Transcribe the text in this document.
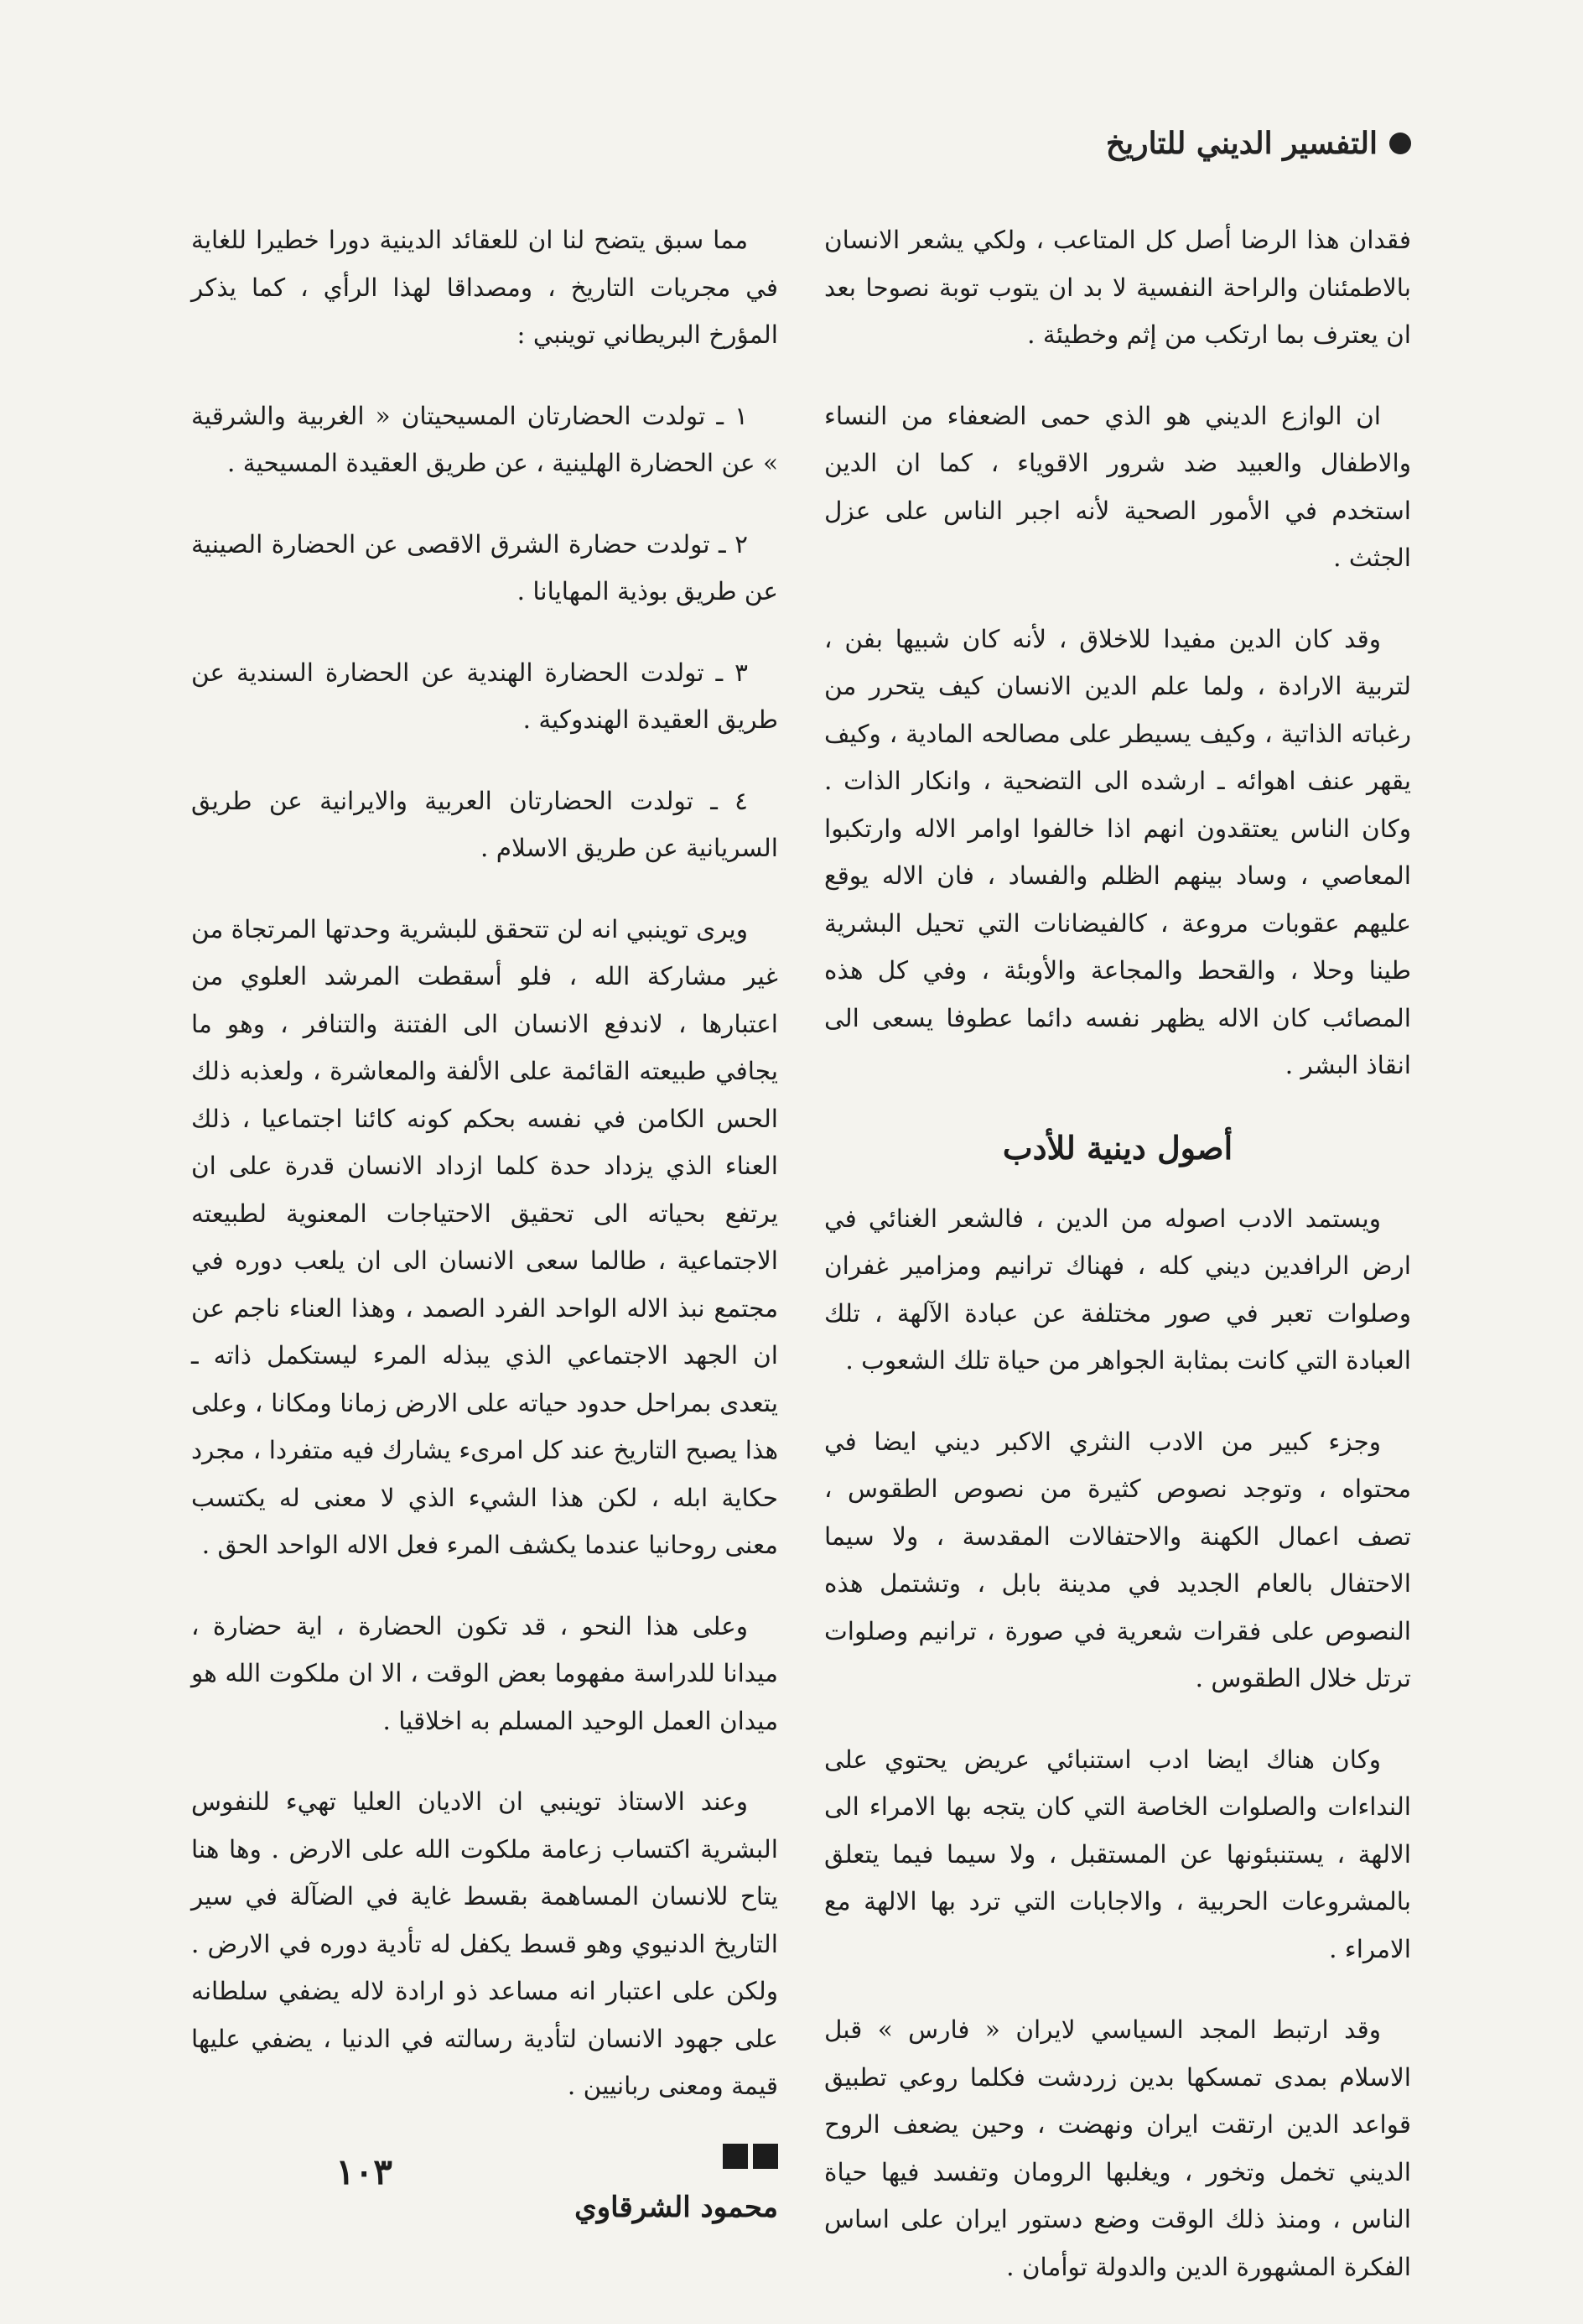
التفسير الديني للتاريخ

فقدان هذا الرضا أصل كل المتاعب ، ولكي يشعر الانسان بالاطمئنان والراحة النفسية لا بد ان يتوب توبة نصوحا بعد ان يعترف بما ارتكب من إثم وخطيئة .

ان الوازع الديني هو الذي حمى الضعفاء من النساء والاطفال والعبيد ضد شرور الاقوياء ، كما ان الدين استخدم في الأمور الصحية لأنه اجبر الناس على عزل الجثث .

وقد كان الدين مفيدا للاخلاق ، لأنه كان شبيها بفن ، لتربية الارادة ، ولما علم الدين الانسان كيف يتحرر من رغباته الذاتية ، وكيف يسيطر على مصالحه المادية ، وكيف يقهر عنف اهوائه ـ ارشده الى التضحية ، وانكار الذات . وكان الناس يعتقدون انهم اذا خالفوا اوامر الاله وارتكبوا المعاصي ، وساد بينهم الظلم والفساد ، فان الاله يوقع عليهم عقوبات مروعة ، كالفيضانات التي تحيل البشرية طينا وحلا ، والقحط والمجاعة والأوبئة ، وفي كل هذه المصائب كان الاله يظهر نفسه دائما عطوفا يسعى الى انقاذ البشر .

أصول دينية للأدب

ويستمد الادب اصوله من الدين ، فالشعر الغنائي في ارض الرافدين ديني كله ، فهناك ترانيم ومزامير غفران وصلوات تعبر في صور مختلفة عن عبادة الآلهة ، تلك العبادة التي كانت بمثابة الجواهر من حياة تلك الشعوب .

وجزء كبير من الادب النثري الاكبر ديني ايضا في محتواه ، وتوجد نصوص كثيرة من نصوص الطقوس ، تصف اعمال الكهنة والاحتفالات المقدسة ، ولا سيما الاحتفال بالعام الجديد في مدينة بابل ، وتشتمل هذه النصوص على فقرات شعرية في صورة ، ترانيم وصلوات ترتل خلال الطقوس .

وكان هناك ايضا ادب استنبائي عريض يحتوي على النداءات والصلوات الخاصة التي كان يتجه بها الامراء الى الالهة ، يستنبئونها عن المستقبل ، ولا سيما فيما يتعلق بالمشروعات الحربية ، والاجابات التي ترد بها الالهة مع الامراء .

وقد ارتبط المجد السياسي لايران « فارس » قبل الاسلام بمدى تمسكها بدين زردشت فكلما روعي تطبيق قواعد الدين ارتقت ايران ونهضت ، وحين يضعف الروح الديني تخمل وتخور ، ويغلبها الرومان وتفسد فيها حياة الناس ، ومنذ ذلك الوقت وضع دستور ايران على اساس الفكرة المشهورة الدين والدولة توأمان .

مما سبق يتضح لنا ان للعقائد الدينية دورا خطيرا للغاية في مجريات التاريخ ، ومصداقا لهذا الرأي ، كما يذكر المؤرخ البريطاني توينبي :

١ ـ تولدت الحضارتان المسيحيتان « الغربية والشرقية » عن الحضارة الهلينية ، عن طريق العقيدة المسيحية .

٢ ـ تولدت حضارة الشرق الاقصى عن الحضارة الصينية عن طريق بوذية المهايانا .

٣ ـ تولدت الحضارة الهندية عن الحضارة السندية عن طريق العقيدة الهندوكية .

٤ ـ تولدت الحضارتان العربية والايرانية عن طريق السريانية عن طريق الاسلام .

ويرى توينبي انه لن تتحقق للبشرية وحدتها المرتجاة من غير مشاركة الله ، فلو أسقطت المرشد العلوي من اعتبارها ، لاندفع الانسان الى الفتنة والتنافر ، وهو ما يجافي طبيعته القائمة على الألفة والمعاشرة ، ولعذبه ذلك الحس الكامن في نفسه بحكم كونه كائنا اجتماعيا ، ذلك العناء الذي يزداد حدة كلما ازداد الانسان قدرة على ان يرتفع بحياته الى تحقيق الاحتياجات المعنوية لطبيعته الاجتماعية ، طالما سعى الانسان الى ان يلعب دوره في مجتمع نبذ الاله الواحد الفرد الصمد ، وهذا العناء ناجم عن ان الجهد الاجتماعي الذي يبذله المرء ليستكمل ذاته ـ يتعدى بمراحل حدود حياته على الارض زمانا ومكانا ، وعلى هذا يصبح التاريخ عند كل امرىء يشارك فيه متفردا ، مجرد حكاية ابله ، لكن هذا الشيء الذي لا معنى له يكتسب معنى روحانيا عندما يكشف المرء فعل الاله الواحد الحق .

وعلى هذا النحو ، قد تكون الحضارة ، اية حضارة ، ميدانا للدراسة مفهوما بعض الوقت ، الا ان ملكوت الله هو ميدان العمل الوحيد المسلم به اخلاقيا .

وعند الاستاذ توينبي ان الاديان العليا تهيء للنفوس البشرية اكتساب زعامة ملكوت الله على الارض . وها هنا يتاح للانسان المساهمة بقسط غاية في الضآلة في سير التاريخ الدنيوي وهو قسط يكفل له تأدية دوره في الارض . ولكن على اعتبار انه مساعد ذو ارادة لاله يضفي سلطانه على جهود الانسان لتأدية رسالته في الدنيا ، يضفي عليها قيمة ومعنى ربانيين .

محمود الشرقاوي
١٠٣
